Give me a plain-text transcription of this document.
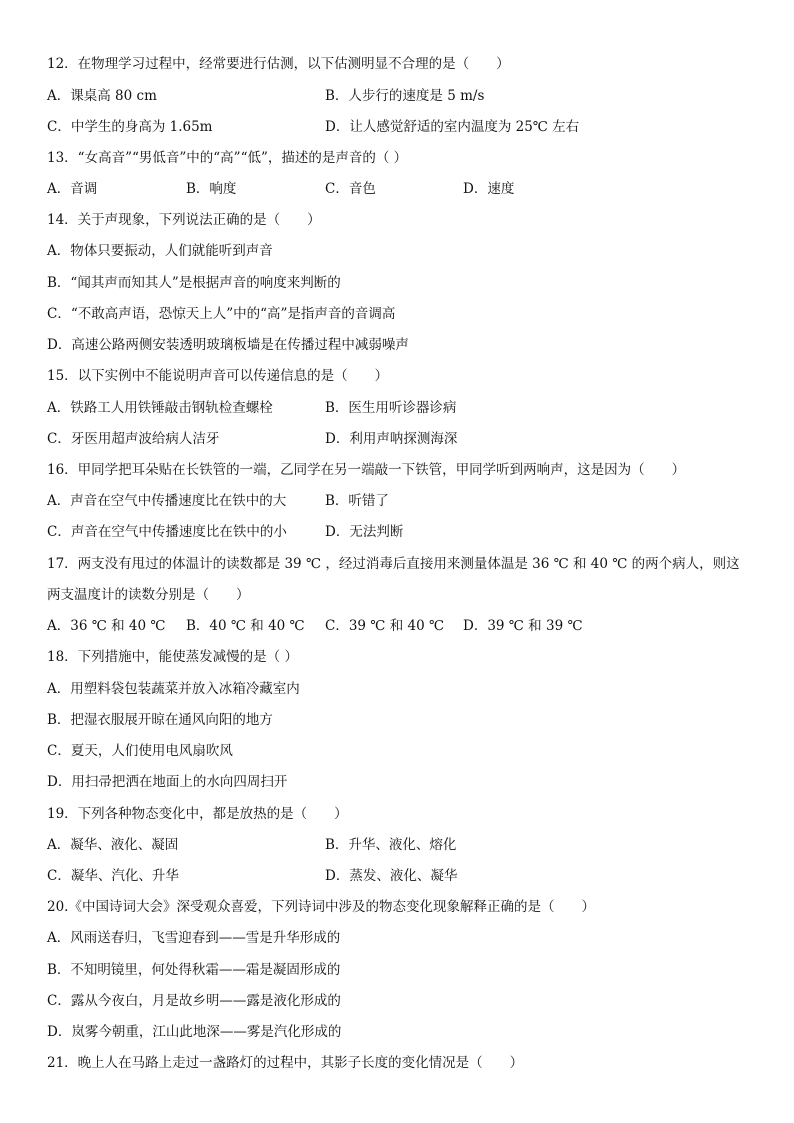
12．在物理学习过程中，经常要进行估测，以下估测明显不合理的是（　　）
A．课桌高 80 cm	B．人步行的速度是 5 m/s
C．中学生的身高为 1.65m	D．让人感觉舒适的室内温度为 25℃ 左右
13．“女高音”“男低音”中的“高”“低”，描述的是声音的（ ）
A．音调	B．响度	C．音色	D．速度
14．关于声现象，下列说法正确的是（　　）
A．物体只要振动，人们就能听到声音
B．“闻其声而知其人”是根据声音的响度来判断的
C．“不敢高声语，恐惊天上人”中的“高”是指声音的音调高
D．高速公路两侧安装透明玻璃板墙是在传播过程中减弱噪声
15．以下实例中不能说明声音可以传递信息的是（　　）
A．铁路工人用铁锤敲击钢轨检查螺栓	B．医生用听诊器诊病
C．牙医用超声波给病人洁牙	D．利用声呐探测海深
16．甲同学把耳朵贴在长铁管的一端，乙同学在另一端敲一下铁管，甲同学听到两响声，这是因为（　　）
A．声音在空气中传播速度比在铁中的大	B．听错了
C．声音在空气中传播速度比在铁中的小	D．无法判断
17．两支没有甩过的体温计的读数都是 39 ℃ ，经过消毒后直接用来测量体温是 36 ℃ 和 40 ℃ 的两个病人，则这
两支温度计的读数分别是（　　）
A．36 ℃ 和 40 ℃ B．40 ℃ 和 40 ℃ C．39 ℃ 和 40 ℃ D．39 ℃ 和 39 ℃
18．下列措施中，能使蒸发减慢的是（ ）
A．用塑料袋包装蔬菜并放入冰箱冷藏室内
B．把湿衣服展开晾在通风向阳的地方
C．夏天，人们使用电风扇吹风
D．用扫帚把洒在地面上的水向四周扫开
19．下列各种物态变化中，都是放热的是（　　）
A．凝华、液化、凝固	B．升华、液化、熔化
C．凝华、汽化、升华	D．蒸发、液化、凝华
20.《中国诗词大会》深受观众喜爱，下列诗词中涉及的物态变化现象解释正确的是（　　）
A．风雨送春归，飞雪迎春到——雪是升华形成的
B．不知明镜里，何处得秋霜——霜是凝固形成的
C．露从今夜白，月是故乡明——露是液化形成的
D．岚雾今朝重，江山此地深——雾是汽化形成的
21．晚上人在马路上走过一盏路灯的过程中，其影子长度的变化情况是（　　）
